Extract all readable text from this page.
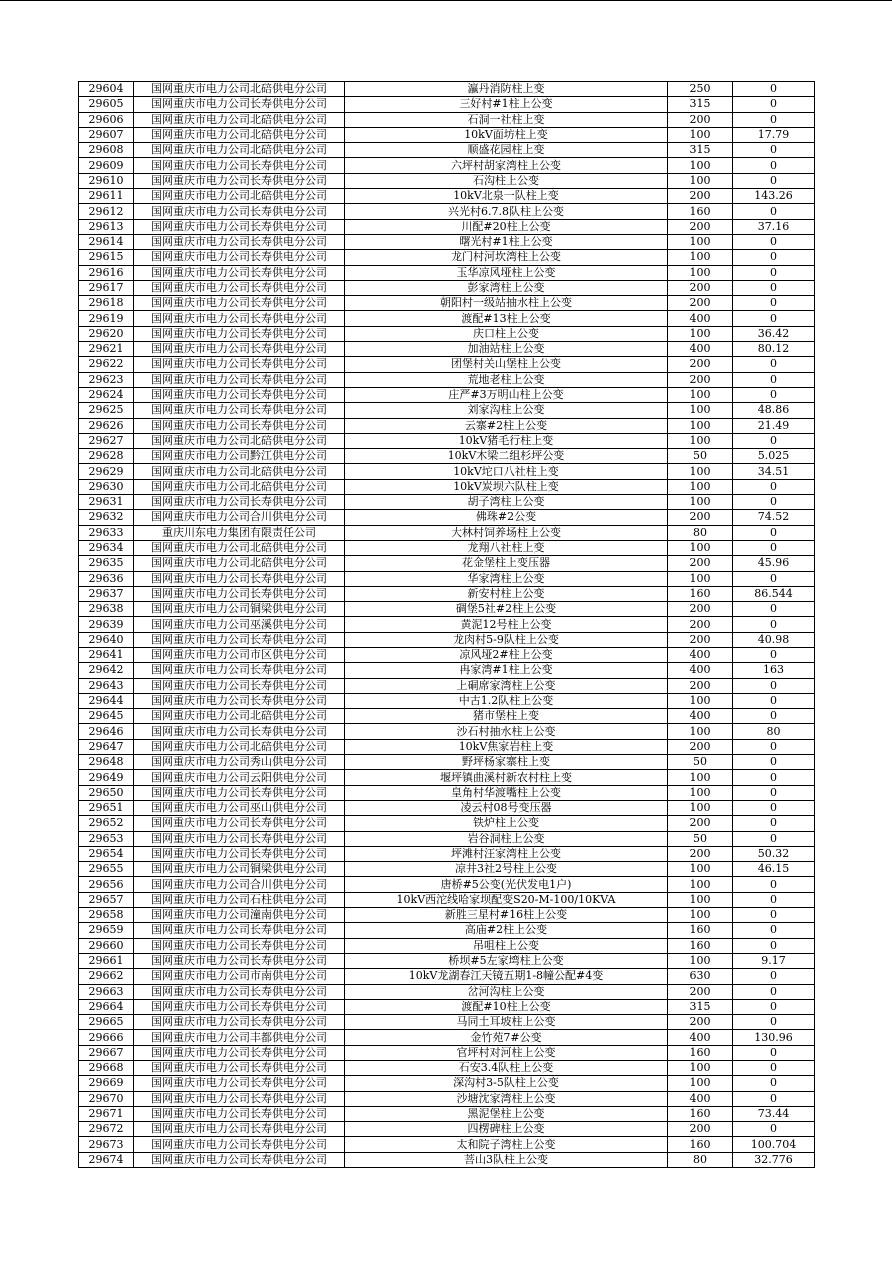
29604	国网重庆市电力公司北碚供电分公司	瀛丹消防柱上变	250	0
29605	国网重庆市电力公司长寿供电分公司	三好村#1柱上公变	315	0
29606	国网重庆市电力公司北碚供电分公司	石洞一社柱上变	200	0
29607	国网重庆市电力公司北碚供电分公司	10kV面坊柱上变	100	17.79
29608	国网重庆市电力公司北碚供电分公司	顺盛花园柱上变	315	0
29609	国网重庆市电力公司长寿供电分公司	六坪村胡家湾柱上公变	100	0
29610	国网重庆市电力公司长寿供电分公司	石沟柱上公变	100	0
29611	国网重庆市电力公司北碚供电分公司	10kV北泉一队柱上变	200	143.26
29612	国网重庆市电力公司长寿供电分公司	兴光村6.7.8队柱上公变	160	0
29613	国网重庆市电力公司长寿供电分公司	川配#20柱上公变	200	37.16
29614	国网重庆市电力公司长寿供电分公司	曙光村#1柱上公变	100	0
29615	国网重庆市电力公司长寿供电分公司	龙门村河坎湾柱上公变	100	0
29616	国网重庆市电力公司长寿供电分公司	玉华凉风垭柱上公变	100	0
29617	国网重庆市电力公司长寿供电分公司	彭家湾柱上公变	200	0
29618	国网重庆市电力公司长寿供电分公司	朝阳村一级站抽水柱上公变	200	0
29619	国网重庆市电力公司长寿供电分公司	渡配#13柱上公变	400	0
29620	国网重庆市电力公司长寿供电分公司	庆口柱上公变	100	36.42
29621	国网重庆市电力公司长寿供电分公司	加油站柱上公变	400	80.12
29622	国网重庆市电力公司长寿供电分公司	团堡村关山堡柱上公变	200	0
29623	国网重庆市电力公司长寿供电分公司	荒地老柱上公变	200	0
29624	国网重庆市电力公司长寿供电分公司	庄严#3万明山柱上公变	100	0
29625	国网重庆市电力公司长寿供电分公司	刘家沟柱上公变	100	48.86
29626	国网重庆市电力公司长寿供电分公司	云寨#2柱上公变	100	21.49
29627	国网重庆市电力公司北碚供电分公司	10kV猪毛行柱上变	100	0
29628	国网重庆市电力公司黔江供电分公司	10kV木梁二组杉坪公变	50	5.025
29629	国网重庆市电力公司北碚供电分公司	10kV坨口八社柱上变	100	34.51
29630	国网重庆市电力公司北碚供电分公司	10kV炭坝六队柱上变	100	0
29631	国网重庆市电力公司长寿供电分公司	胡子湾柱上公变	100	0
29632	国网重庆市电力公司合川供电分公司	佛珠#2公变	200	74.52
29633	重庆川东电力集团有限责任公司	大林村饲养场柱上公变	80	0
29634	国网重庆市电力公司北碚供电分公司	龙翔八社柱上变	100	0
29635	国网重庆市电力公司北碚供电分公司	花金堡柱上变压器	200	45.96
29636	国网重庆市电力公司长寿供电分公司	华家湾柱上公变	100	0
29637	国网重庆市电力公司长寿供电分公司	新安村柱上公变	160	86.544
29638	国网重庆市电力公司铜梁供电分公司	碉堡5社#2柱上公变	200	0
29639	国网重庆市电力公司巫溪供电分公司	黄泥12号柱上公变	200	0
29640	国网重庆市电力公司长寿供电分公司	龙肉村5-9队柱上公变	200	40.98
29641	国网重庆市电力公司市区供电分公司	凉风垭2#柱上公变	400	0
29642	国网重庆市电力公司长寿供电分公司	冉家湾#1柱上公变	400	163
29643	国网重庆市电力公司长寿供电分公司	上硐席家湾柱上公变	200	0
29644	国网重庆市电力公司长寿供电分公司	中古1.2队柱上公变	100	0
29645	国网重庆市电力公司北碚供电分公司	猪市堡柱上变	400	0
29646	国网重庆市电力公司长寿供电分公司	沙石村抽水柱上公变	100	80
29647	国网重庆市电力公司北碚供电分公司	10kV焦家岩柱上变	200	0
29648	国网重庆市电力公司秀山供电分公司	野坪杨家寨柱上变	50	0
29649	国网重庆市电力公司云阳供电分公司	堰坪镇曲溪村新农村柱上变	100	0
29650	国网重庆市电力公司长寿供电分公司	皇角村华渡嘴柱上公变	100	0
29651	国网重庆市电力公司巫山供电分公司	凌云村08号变压器	100	0
29652	国网重庆市电力公司长寿供电分公司	铁炉柱上公变	200	0
29653	国网重庆市电力公司长寿供电分公司	岩谷洞柱上公变	50	0
29654	国网重庆市电力公司长寿供电分公司	坪滩村汪家湾柱上公变	200	50.32
29655	国网重庆市电力公司铜梁供电分公司	凉井3社2号柱上公变	100	46.15
29656	国网重庆市电力公司合川供电分公司	唐桥#5公变(光伏发电1户)	100	0
29657	国网重庆市电力公司石柱供电分公司	10kV西沱线哈家坝配变S20-M-100/10KVA	100	0
29658	国网重庆市电力公司潼南供电分公司	新胜三星村#16柱上公变	100	0
29659	国网重庆市电力公司长寿供电分公司	高庙#2柱上公变	160	0
29660	国网重庆市电力公司长寿供电分公司	吊咀柱上公变	160	0
29661	国网重庆市电力公司长寿供电分公司	桥坝#5左家塆柱上公变	100	9.17
29662	国网重庆市电力公司市南供电分公司	10kV龙湖春江天镜五期1-8幢公配#4变	630	0
29663	国网重庆市电力公司长寿供电分公司	岔河沟柱上公变	200	0
29664	国网重庆市电力公司长寿供电分公司	渡配#10柱上公变	315	0
29665	国网重庆市电力公司长寿供电分公司	马同土耳坡柱上公变	200	0
29666	国网重庆市电力公司丰都供电分公司	金竹苑7#公变	400	130.96
29667	国网重庆市电力公司长寿供电分公司	官坪村对河柱上公变	160	0
29668	国网重庆市电力公司长寿供电分公司	石安3.4队柱上公变	100	0
29669	国网重庆市电力公司长寿供电分公司	深沟村3-5队柱上公变	100	0
29670	国网重庆市电力公司长寿供电分公司	沙塘沈家湾柱上公变	400	0
29671	国网重庆市电力公司长寿供电分公司	黑泥堡柱上公变	160	73.44
29672	国网重庆市电力公司长寿供电分公司	四楞碑柱上公变	200	0
29673	国网重庆市电力公司长寿供电分公司	太和院子湾柱上公变	160	100.704
29674	国网重庆市电力公司长寿供电分公司	菩山3队柱上公变	80	32.776
